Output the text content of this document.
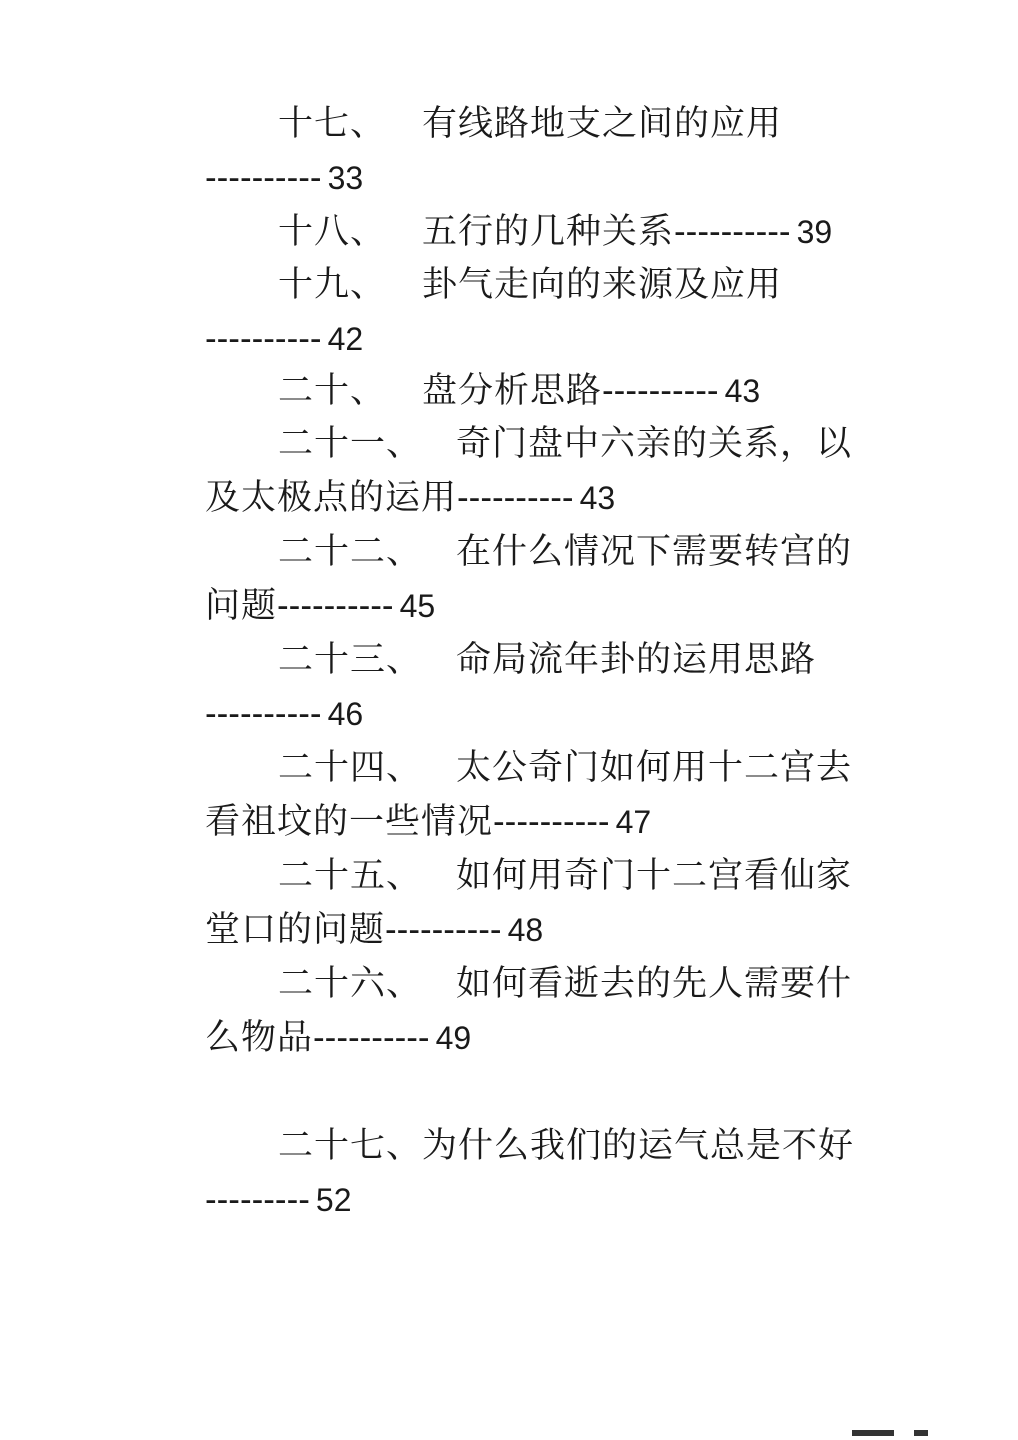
十七、 有线路地支之间的应用
---------- 33
十八、 五行的几种关系---------- 39
十九、 卦气走向的来源及应用
---------- 42
二十、 盘分析思路---------- 43
二十一、 奇门盘中六亲的关系，以
及太极点的运用---------- 43
二十二、 在什么情况下需要转宫的
问题---------- 45
二十三、 命局流年卦的运用思路
---------- 46
二十四、 太公奇门如何用十二宫去
看祖坟的一些情况---------- 47
二十五、 如何用奇门十二宫看仙家
堂口的问题---------- 48
二十六、 如何看逝去的先人需要什
么物品---------- 49
二十七、为什么我们的运气总是不好
--------- 52
